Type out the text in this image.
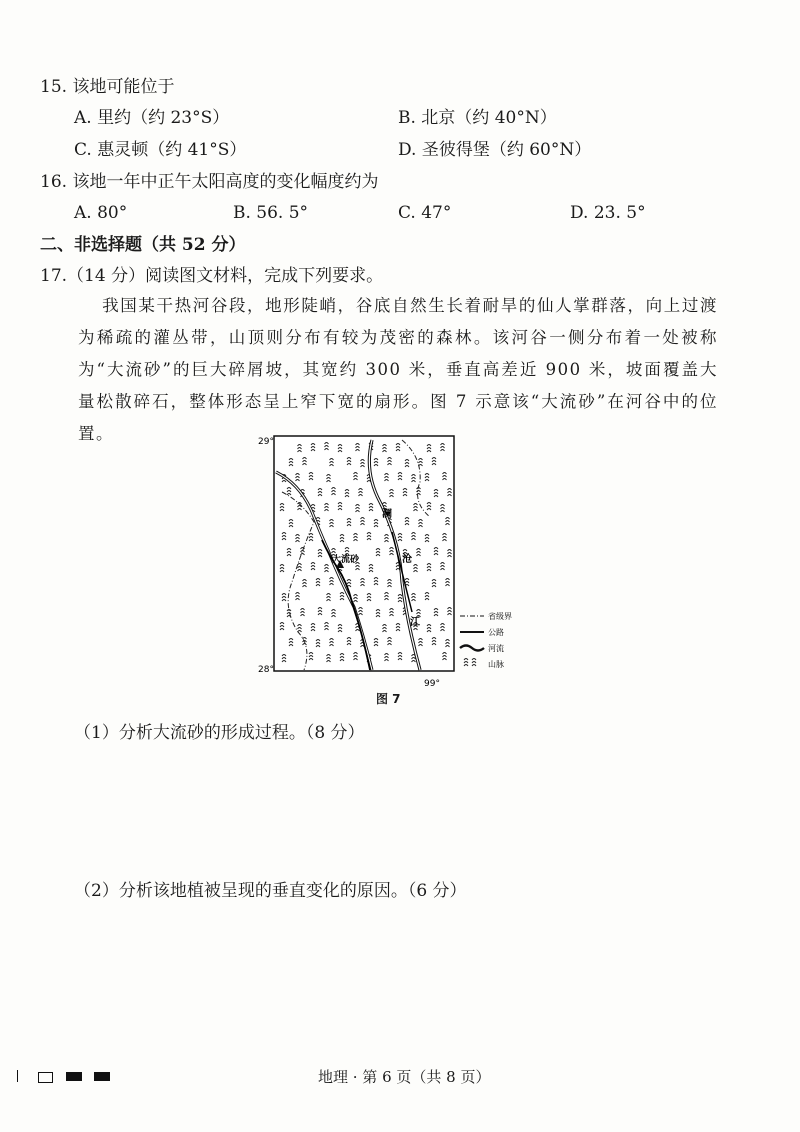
15. 该地可能位于
A. 里约（约 23°S）	B. 北京（约 40°N）
C. 惠灵顿（约 41°S）	D. 圣彼得堡（约 60°N）
16. 该地一年中正午太阳高度的变化幅度约为
A. 80°	B. 56. 5°	C. 47°	D. 23. 5°
二、非选择题（共 52 分）
17.（14 分）阅读图文材料，完成下列要求。
我国某干热河谷段，地形陡峭，谷底自然生长着耐旱的仙人掌群落，向上过渡为稀疏的灌丛带，山顶则分布有较为茂密的森林。该河谷一侧分布着一处被称为“大流砂”的巨大碎屑坡，其宽约 300 米，垂直高差近 900 米，坡面覆盖大量松散碎石，整体形态呈上窄下宽的扇形。图 7 示意该“大流砂”在河谷中的位置。	29°
28°
99°
大流砂
澜
沧
江
省级界
公路
河流
山脉
图 7
（1）分析大流砂的形成过程。（8 分）
（2）分析该地植被呈现的垂直变化的原因。（6 分）
地理 · 第 6 页（共 8 页）
